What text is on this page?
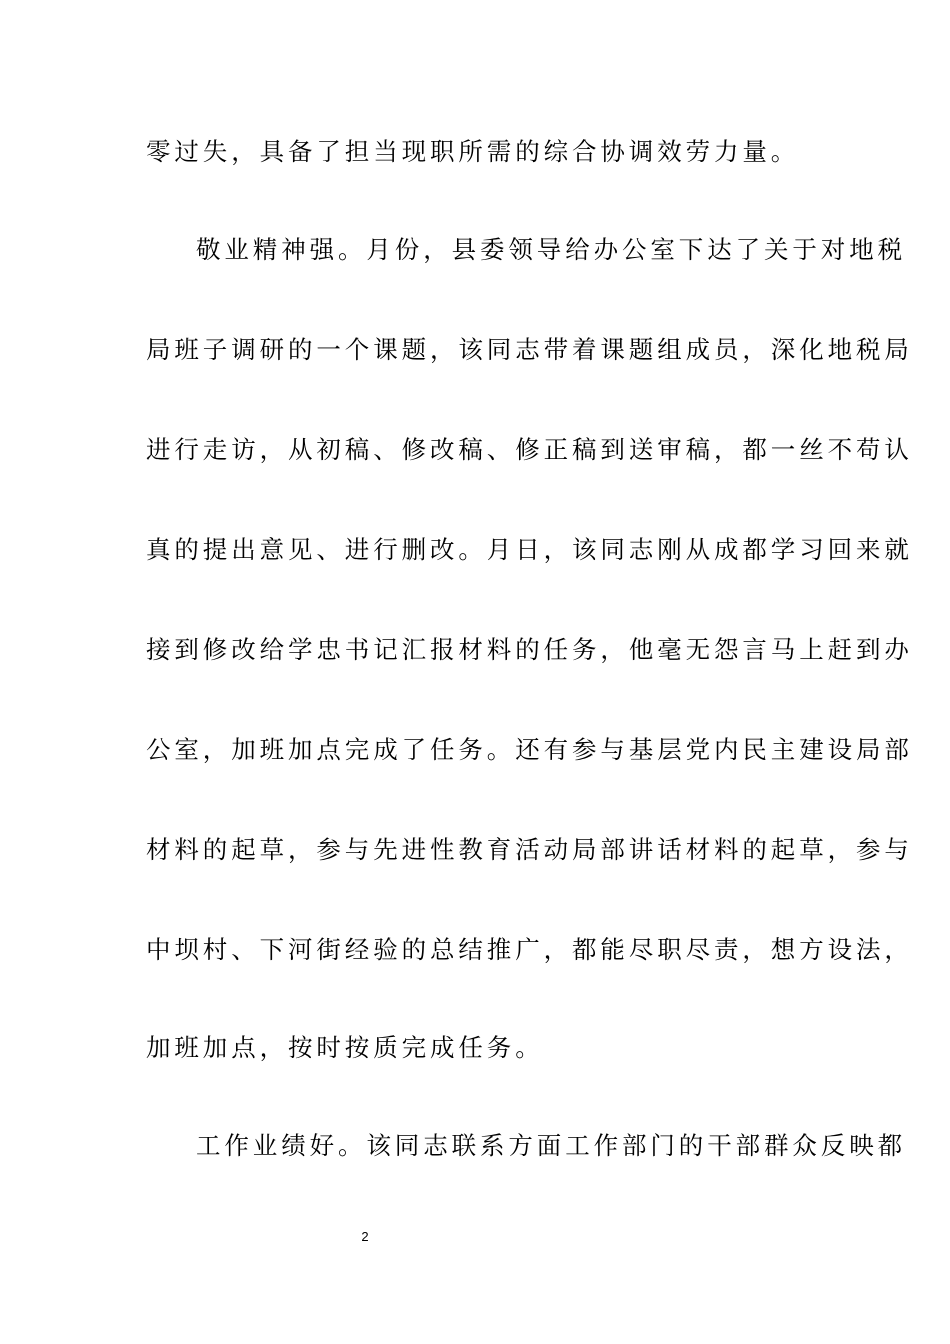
零过失，具备了担当现职所需的综合协调效劳力量。

敬业精神强。月份，县委领导给办公室下达了关于对地税

局班子调研的一个课题，该同志带着课题组成员，深化地税局

进行走访，从初稿、修改稿、修正稿到送审稿，都一丝不苟认

真的提出意见、进行删改。月日，该同志刚从成都学习回来就

接到修改给学忠书记汇报材料的任务，他毫无怨言马上赶到办

公室，加班加点完成了任务。还有参与基层党内民主建设局部

材料的起草，参与先进性教育活动局部讲话材料的起草，参与

中坝村、下河街经验的总结推广，都能尽职尽责，想方设法，

加班加点，按时按质完成任务。

工作业绩好。该同志联系方面工作部门的干部群众反映都

2
